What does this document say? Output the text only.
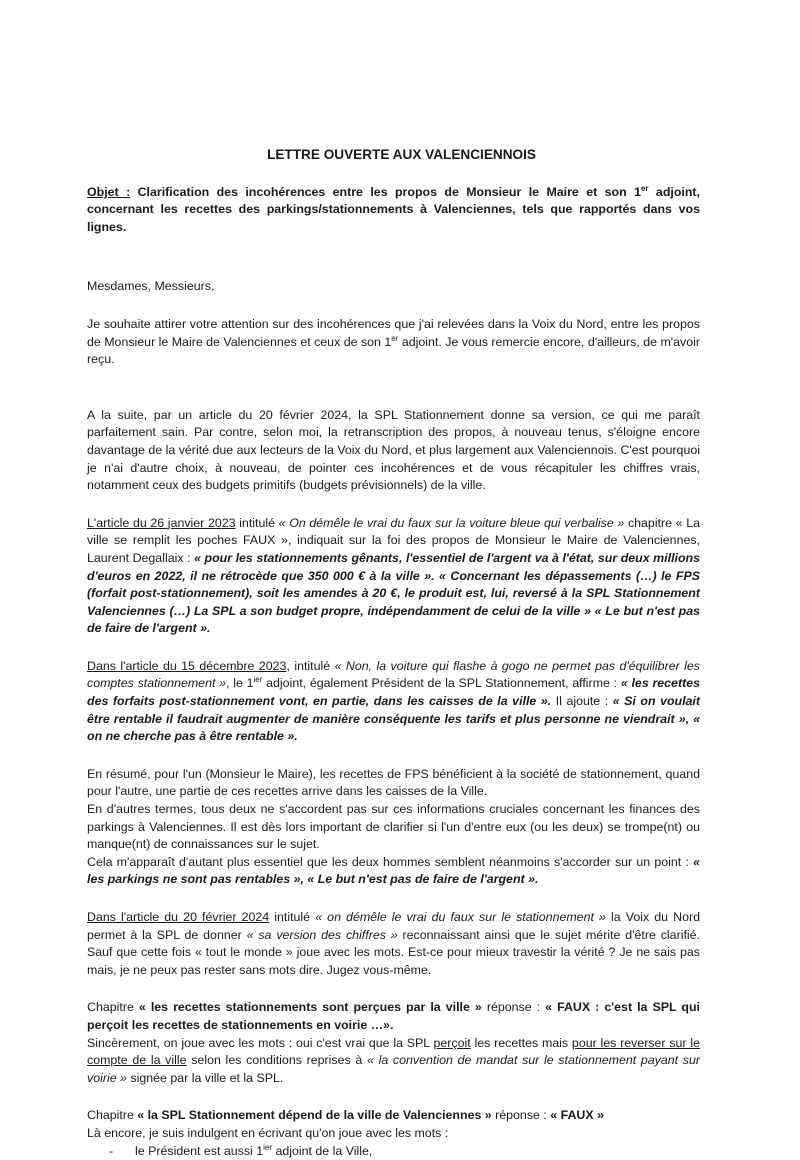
LETTRE OUVERTE AUX VALENCIENNOIS

Objet : Clarification des incohérences entre les propos de Monsieur le Maire et son 1er adjoint, concernant les recettes des parkings/stationnements à Valenciennes, tels que rapportés dans vos lignes.

Mesdames, Messieurs,

Je souhaite attirer votre attention sur des incohérences que j'ai relevées dans la Voix du Nord, entre les propos de Monsieur le Maire de Valenciennes et ceux de son 1er adjoint. Je vous remercie encore, d'ailleurs, de m'avoir reçu.

A la suite, par un article du 20 février 2024, la SPL Stationnement donne sa version, ce qui me paraît parfaitement sain. Par contre, selon moi, la retranscription des propos, à nouveau tenus, s'éloigne encore davantage de la vérité due aux lecteurs de la Voix du Nord, et plus largement aux Valenciennois. C'est pourquoi je n'ai d'autre choix, à nouveau, de pointer ces incohérences et de vous récapituler les chiffres vrais, notamment ceux des budgets primitifs (budgets prévisionnels) de la ville.

L'article du 26 janvier 2023 intitulé « On démêle le vrai du faux sur la voiture bleue qui verbalise » chapitre « La ville se remplit les poches FAUX », indiquait sur la foi des propos de Monsieur le Maire de Valenciennes, Laurent Degallaix : « pour les stationnements gênants, l'essentiel de l'argent va à l'état, sur deux millions d'euros en 2022, il ne rétrocède que 350 000 € à la ville ». « Concernant les dépassements (…) le FPS (forfait post-stationnement), soit les amendes à 20 €, le produit est, lui, reversé à la SPL Stationnement Valenciennes (…) La SPL a son budget propre, indépendamment de celui de la ville » « Le but n'est pas de faire de l'argent ».

Dans l'article du 15 décembre 2023, intitulé « Non, la voiture qui flashe à gogo ne permet pas d'équilibrer les comptes stationnement », le $1^{ier}$ adjoint, également Président de la SPL Stationnement, affirme : « les recettes des forfaits post-stationnement vont, en partie, dans les caisses de la ville ». Il ajoute : « Si on voulait être rentable il faudrait augmenter de manière conséquente les tarifs et plus personne ne viendrait », « on ne cherche pas à être rentable ».

En résumé, pour l'un (Monsieur le Maire), les recettes de FPS bénéficient à la société de stationnement, quand pour l'autre, une partie de ces recettes arrive dans les caisses de la Ville.
En d'autres termes, tous deux ne s'accordent pas sur ces informations cruciales concernant les finances des parkings à Valenciennes. Il est dès lors important de clarifier si l'un d'entre eux (ou les deux) se trompe(nt) ou manque(nt) de connaissances sur le sujet.
Cela m'apparaît d'autant plus essentiel que les deux hommes semblent néanmoins s'accorder sur un point : « les parkings ne sont pas rentables », « Le but n'est pas de faire de l'argent ».

Dans l'article du 20 février 2024 intitulé « on démêle le vrai du faux sur le stationnement » la Voix du Nord permet à la SPL de donner « sa version des chiffres » reconnaissant ainsi que le sujet mérite d'être clarifié. Sauf que cette fois « tout le monde » joue avec les mots. Est-ce pour mieux travestir la vérité ? Je ne sais pas mais, je ne peux pas rester sans mots dire. Jugez vous-même.

Chapitre « les recettes stationnements sont perçues par la ville » réponse : « FAUX : c'est la SPL qui perçoit les recettes de stationnements en voirie …».
Sincèrement, on joue avec les mots : oui c'est vrai que la SPL perçoit les recettes mais pour les reverser sur le compte de la ville selon les conditions reprises à « la convention de mandat sur le stationnement payant sur voirie » signée par la ville et la SPL.

Chapitre « la SPL Stationnement dépend de la ville de Valenciennes » réponse : « FAUX »
Là encore, je suis indulgent en écrivant qu'on joue avec les mots :

-	le Président est aussi $1^{ier}$ adjoint de la Ville,
